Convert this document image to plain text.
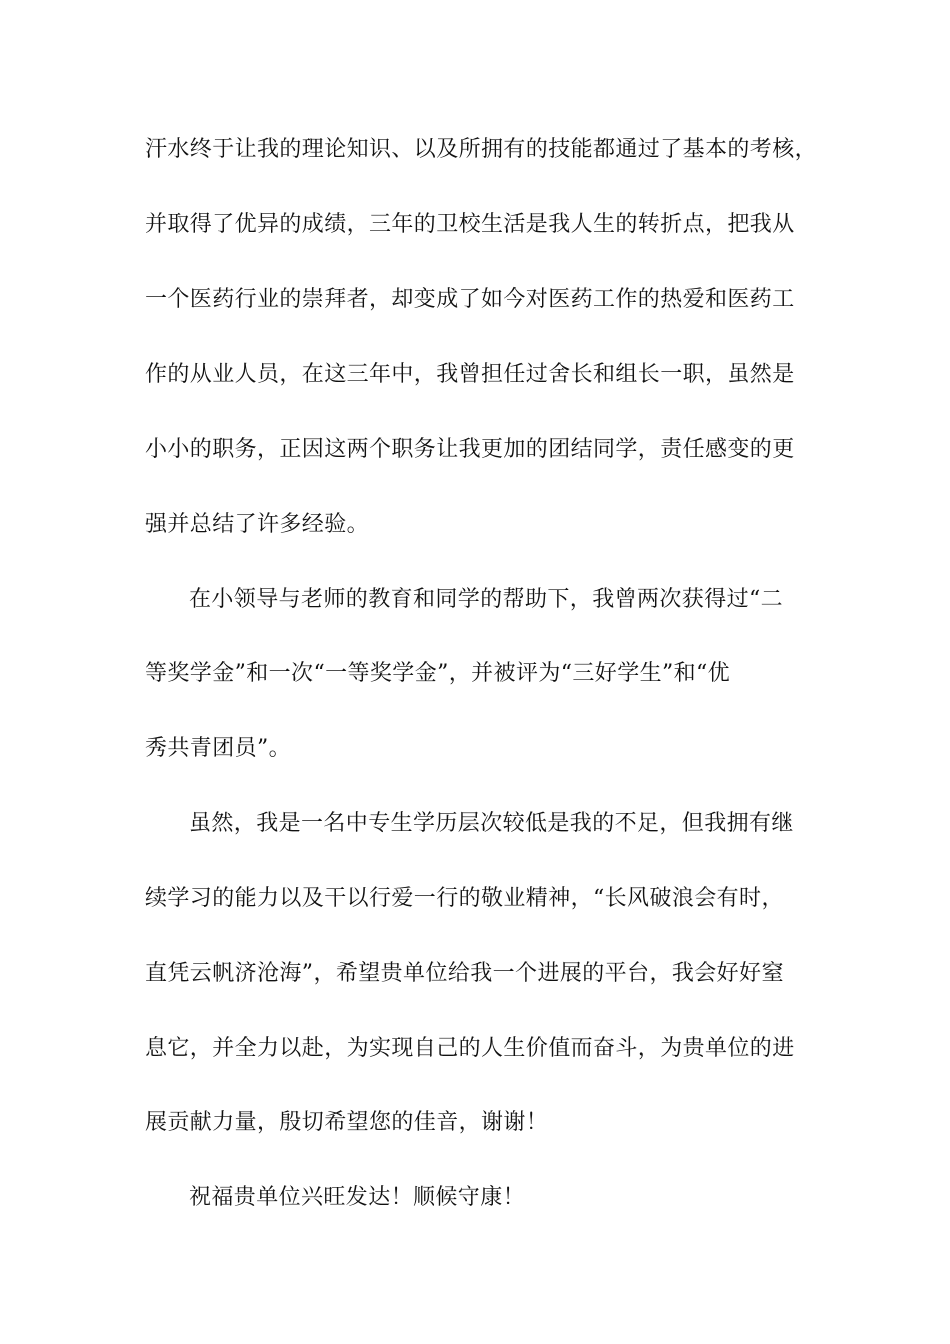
汗水终于让我的理论知识、以及所拥有的技能都通过了基本的考核，
并取得了优异的成绩，三年的卫校生活是我人生的转折点，把我从
一个医药行业的崇拜者，却变成了如今对医药工作的热爱和医药工
作的从业人员，在这三年中，我曾担任过舍长和组长一职，虽然是
小小的职务，正因这两个职务让我更加的团结同学，责任感变的更
强并总结了许多经验。
在小领导与老师的教育和同学的帮助下，我曾两次获得过“二
等奖学金”和一次“一等奖学金”，并被评为“三好学生”和“优
秀共青团员”。
虽然，我是一名中专生学历层次较低是我的不足，但我拥有继
续学习的能力以及干以行爱一行的敬业精神，“长风破浪会有时，
直凭云帆济沧海”，希望贵单位给我一个进展的平台，我会好好窒
息它，并全力以赴，为实现自己的人生价值而奋斗，为贵单位的进
展贡献力量，殷切希望您的佳音，谢谢！
祝福贵单位兴旺发达！顺候守康！
